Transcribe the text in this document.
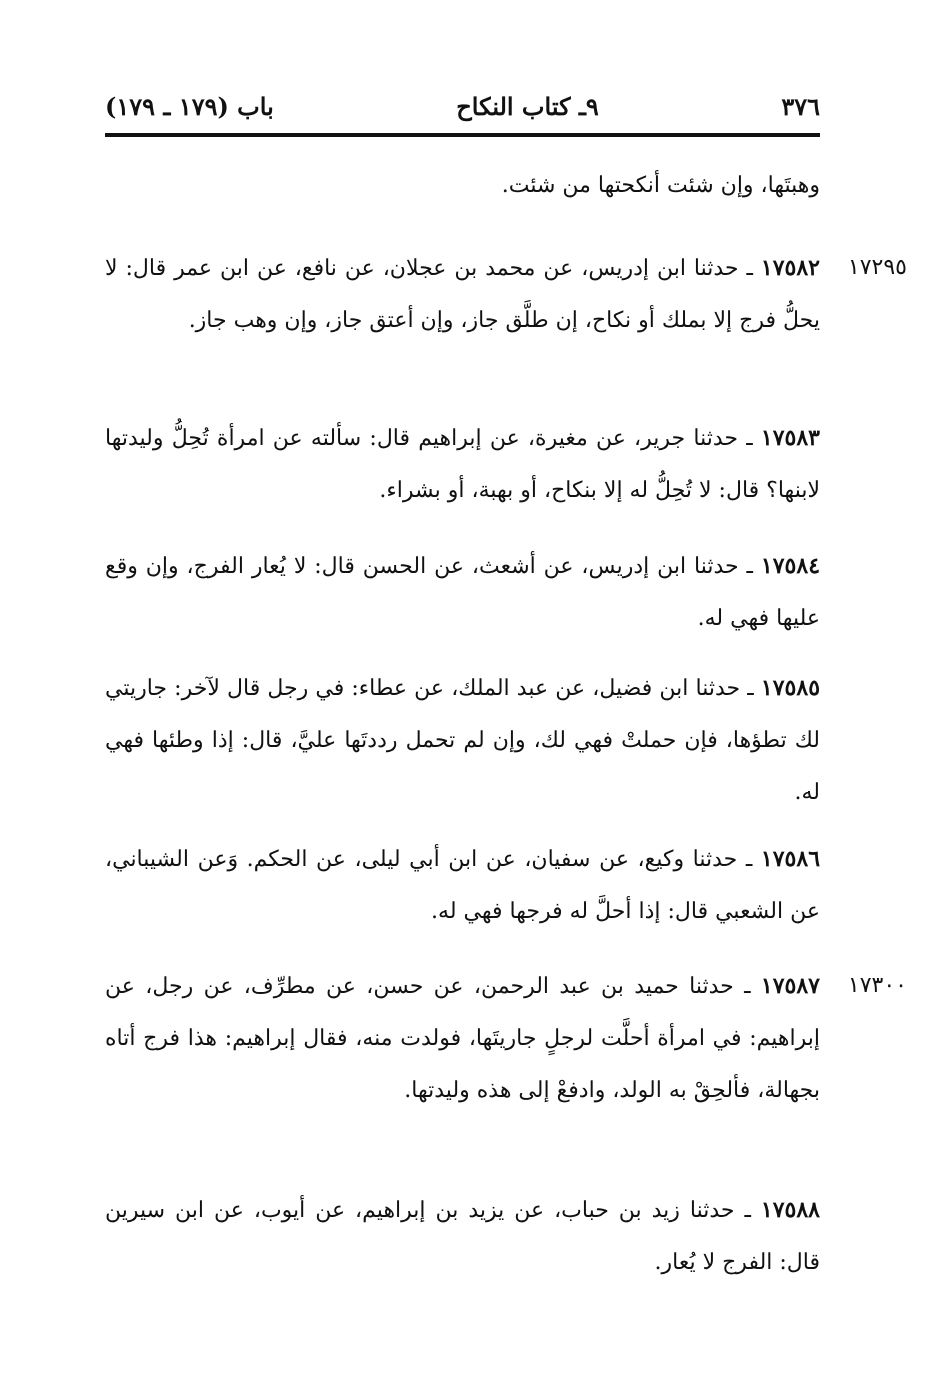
٣٧٦
٩ـ كتاب النكاح
باب (١٧٩ ـ ١٧٩)

وهبتَها، وإن شئت أنكحتها من شئت.

١٧٢٩٥

١٧٥٨٢ ـ حدثنا ابن إدريس، عن محمد بن عجلان، عن نافع، عن ابن عمر قال: لا يحلُّ فرج إلا بملك أو نكاح، إن طلَّق جاز، وإن أعتق جاز، وإن وهب جاز.

١٧٥٨٣ ـ حدثنا جرير، عن مغيرة، عن إبراهيم قال: سألته عن امرأة تُحِلُّ وليدتها لابنها؟ قال: لا تُحِلُّ له إلا بنكاح، أو بهبة، أو بشراء.

١٧٥٨٤ ـ حدثنا ابن إدريس، عن أشعث، عن الحسن قال: لا يُعار الفرج، وإن وقع عليها فهي له.

١٧٥٨٥ ـ حدثنا ابن فضيل، عن عبد الملك، عن عطاء: في رجل قال لآخر: جاريتي لك تطؤها، فإن حملتْ فهي لك، وإن لم تحمل رددتَها عليَّ، قال: إذا وطئها فهي له.

١٧٥٨٦ ـ حدثنا وكيع، عن سفيان، عن ابن أبي ليلى، عن الحكم. وَعن الشيباني، عن الشعبي قال: إذا أحلَّ له فرجها فهي له.

١٧٣٠٠

١٧٥٨٧ ـ حدثنا حميد بن عبد الرحمن، عن حسن، عن مطرِّف، عن رجل، عن إبراهيم: في امرأة أحلَّت لرجلٍ جاريتَها، فولدت منه، فقال إبراهيم: هذا فرج أتاه بجهالة، فألحِقْ به الولد، وادفعْ إلى هذه وليدتها.

١٧٥٨٨ ـ حدثنا زيد بن حباب، عن يزيد بن إبراهيم، عن أيوب، عن ابن سيرين قال: الفرج لا يُعار.
